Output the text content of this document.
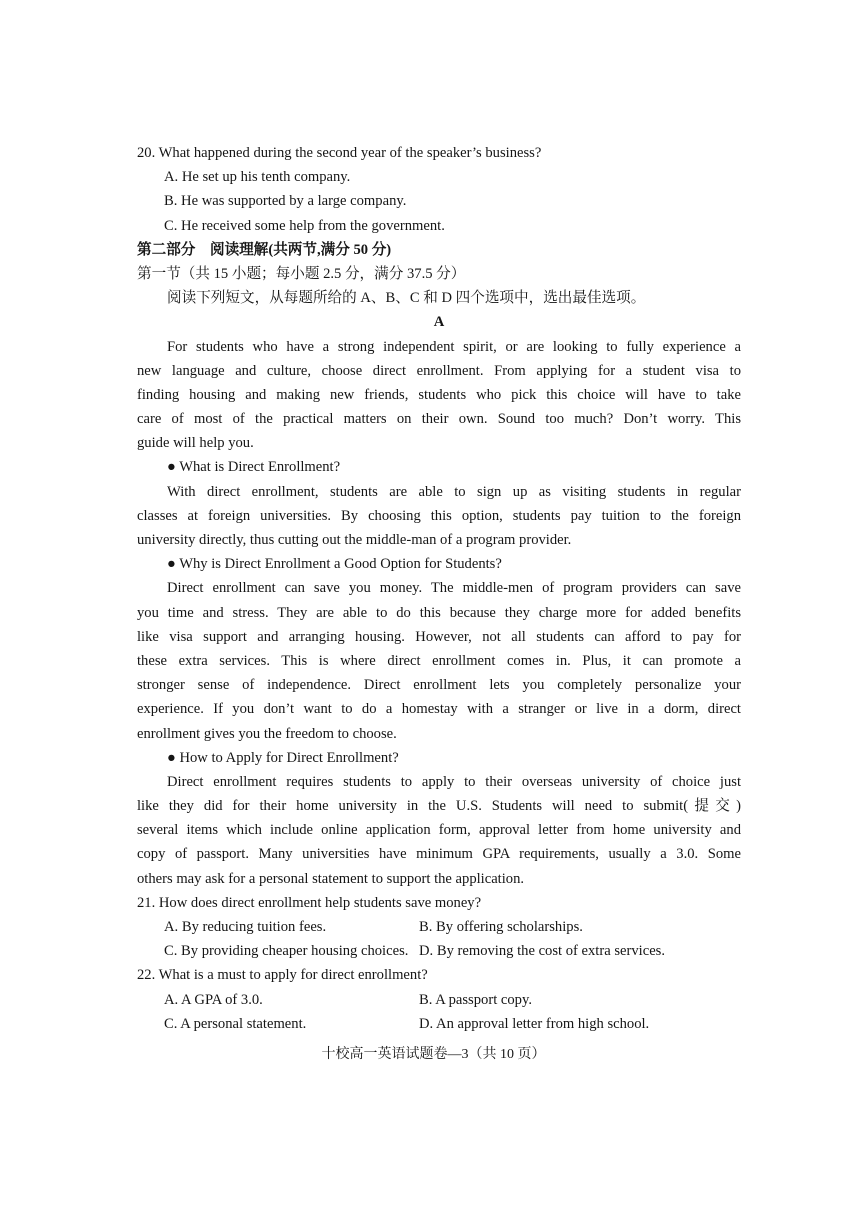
20. What happened during the second year of the speaker’s business?
A. He set up his tenth company.
B. He was supported by a large company.
C. He received some help from the government.
第二部分　阅读理解(共两节,满分 50 分)
第一节（共 15 小题；每小题 2.5 分，满分 37.5 分）
阅读下列短文，从每题所给的 A、B、C 和 D 四个选项中，选出最佳选项。
A
For students who have a strong independent spirit, or are looking to fully experience a
new language and culture, choose direct enrollment. From applying for a student visa to
finding housing and making new friends, students who pick this choice will have to take
care of most of the practical matters on their own. Sound too much? Don’t worry. This
guide will help you.
● What is Direct Enrollment?
With direct enrollment, students are able to sign up as visiting students in regular
classes at foreign universities. By choosing this option, students pay tuition to the foreign
university directly, thus cutting out the middle-man of a program provider.
● Why is Direct Enrollment a Good Option for Students?
Direct enrollment can save you money. The middle-men of program providers can save
you time and stress. They are able to do this because they charge more for added benefits
like visa support and arranging housing. However, not all students can afford to pay for
these extra services. This is where direct enrollment comes in. Plus, it can promote a
stronger sense of independence. Direct enrollment lets you completely personalize your
experience. If you don’t want to do a homestay with a stranger or live in a dorm, direct
enrollment gives you the freedom to choose.
● How to Apply for Direct Enrollment?
Direct enrollment requires students to apply to their overseas university of choice just
like they did for their home university in the U.S. Students will need to submit(提交)
several items which include online application form, approval letter from home university and
copy of passport. Many universities have minimum GPA requirements, usually a 3.0. Some
others may ask for a personal statement to support the application.
21. How does direct enrollment help students save money?
A. By reducing tuition fees.	B. By offering scholarships.
C. By providing cheaper housing choices. D. By removing the cost of extra services.
22. What is a must to apply for direct enrollment?
A. A GPA of 3.0.	B. A passport copy.
C. A personal statement.	D. An approval letter from high school.
十校高一英语试题卷—3（共 10 页）
